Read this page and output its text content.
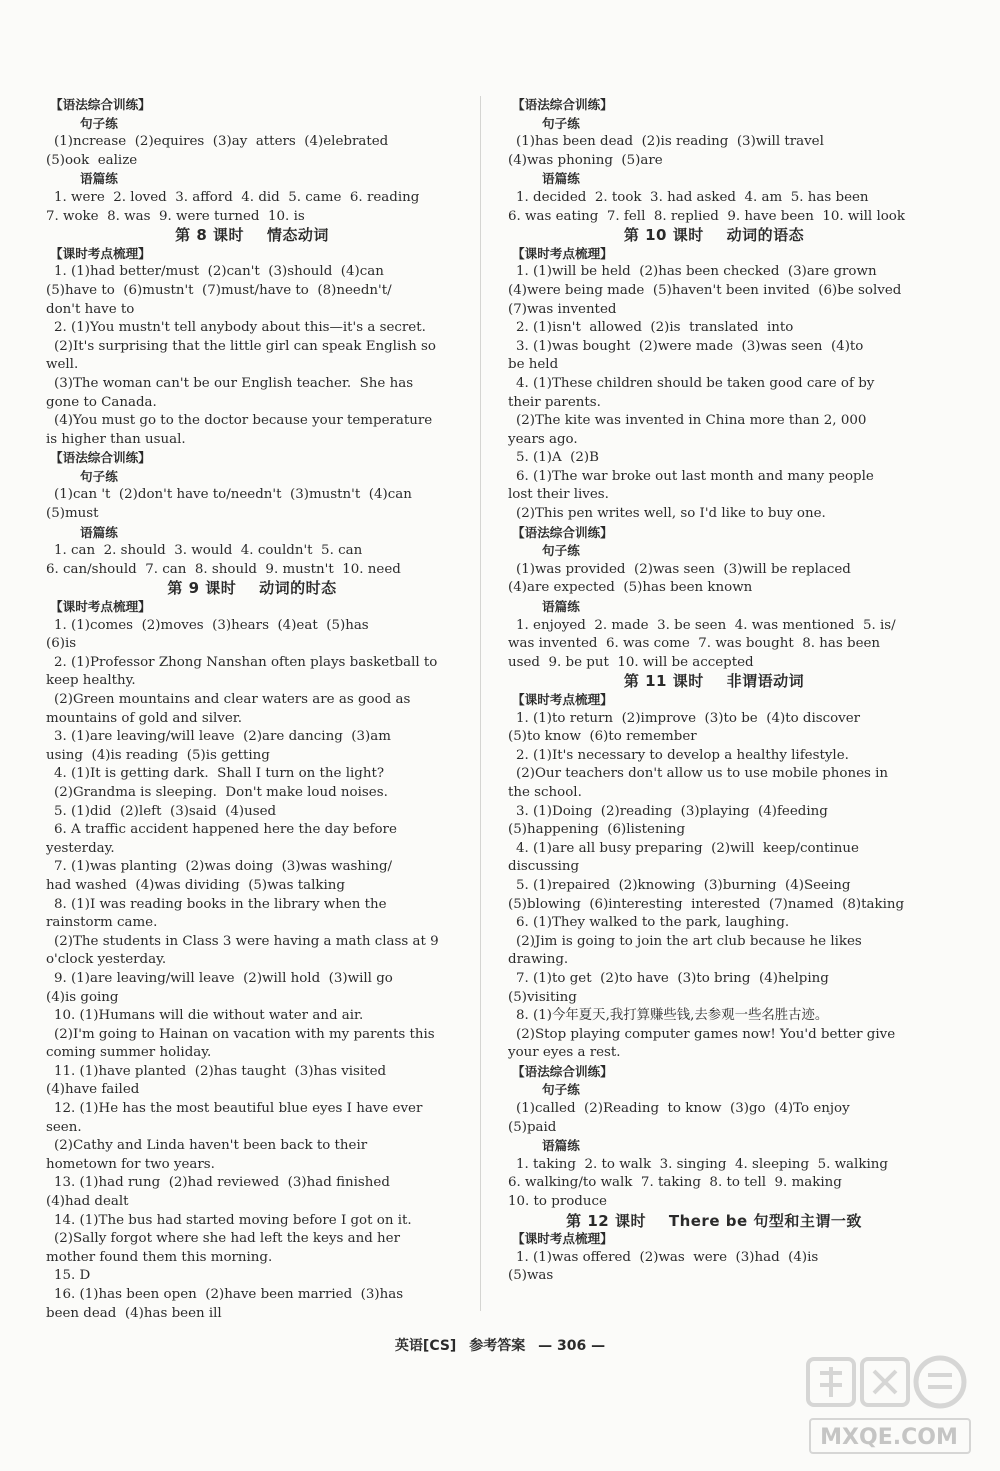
【语法综合训练】
句子练
(1)ncrease  (2)equires  (3)ay  atters  (4)elebrated
(5)ook  ealize
语篇练
1. were  2. loved  3. afford  4. did  5. came  6. reading
7. woke  8. was  9. were turned  10. is
第 8 课时    情态动词
【课时考点梳理】
1. (1)had better/must  (2)can't  (3)should  (4)can
(5)have to  (6)mustn't  (7)must/have to  (8)needn't/
don't have to
2. (1)You mustn't tell anybody about this—it's a secret.
(2)It's surprising that the little girl can speak English so
well.
(3)The woman can't be our English teacher.  She has
gone to Canada.
(4)You must go to the doctor because your temperature
is higher than usual.
【语法综合训练】
句子练
(1)can 't  (2)don't have to/needn't  (3)mustn't  (4)can
(5)must
语篇练
1. can  2. should  3. would  4. couldn't  5. can
6. can/should  7. can  8. should  9. mustn't  10. need
第 9 课时    动词的时态
【课时考点梳理】
1. (1)comes  (2)moves  (3)hears  (4)eat  (5)has
(6)is
2. (1)Professor Zhong Nanshan often plays basketball to
keep healthy.
(2)Green mountains and clear waters are as good as
mountains of gold and silver.
3. (1)are leaving/will leave  (2)are dancing  (3)am
using  (4)is reading  (5)is getting
4. (1)It is getting dark.  Shall I turn on the light?
(2)Grandma is sleeping.  Don't make loud noises.
5. (1)did  (2)left  (3)said  (4)used
6. A traffic accident happened here the day before
yesterday.
7. (1)was planting  (2)was doing  (3)was washing/
had washed  (4)was dividing  (5)was talking
8. (1)I was reading books in the library when the
rainstorm came.
(2)The students in Class 3 were having a math class at 9
o'clock yesterday.
9. (1)are leaving/will leave  (2)will hold  (3)will go
(4)is going
10. (1)Humans will die without water and air.
(2)I'm going to Hainan on vacation with my parents this
coming summer holiday.
11. (1)have planted  (2)has taught  (3)has visited
(4)have failed
12. (1)He has the most beautiful blue eyes I have ever
seen.
(2)Cathy and Linda haven't been back to their
hometown for two years.
13. (1)had rung  (2)had reviewed  (3)had finished
(4)had dealt
14. (1)The bus had started moving before I got on it.
(2)Sally forgot where she had left the keys and her
mother found them this morning.
15. D
16. (1)has been open  (2)have been married  (3)has
been dead  (4)has been ill
【语法综合训练】
句子练
(1)has been dead  (2)is reading  (3)will travel
(4)was phoning  (5)are
语篇练
1. decided  2. took  3. had asked  4. am  5. has been
6. was eating  7. fell  8. replied  9. have been  10. will look
第 10 课时    动词的语态
【课时考点梳理】
1. (1)will be held  (2)has been checked  (3)are grown
(4)were being made  (5)haven't been invited  (6)be solved
(7)was invented
2. (1)isn't  allowed  (2)is  translated  into
3. (1)was bought  (2)were made  (3)was seen  (4)to
be held
4. (1)These children should be taken good care of by
their parents.
(2)The kite was invented in China more than 2, 000
years ago.
5. (1)A  (2)B
6. (1)The war broke out last month and many people
lost their lives.
(2)This pen writes well, so I'd like to buy one.
【语法综合训练】
句子练
(1)was provided  (2)was seen  (3)will be replaced
(4)are expected  (5)has been known
语篇练
1. enjoyed  2. made  3. be seen  4. was mentioned  5. is/
was invented  6. was come  7. was bought  8. has been
used  9. be put  10. will be accepted
第 11 课时    非谓语动词
【课时考点梳理】
1. (1)to return  (2)improve  (3)to be  (4)to discover
(5)to know  (6)to remember
2. (1)It's necessary to develop a healthy lifestyle.
(2)Our teachers don't allow us to use mobile phones in
the school.
3. (1)Doing  (2)reading  (3)playing  (4)feeding
(5)happening  (6)listening
4. (1)are all busy preparing  (2)will  keep/continue
discussing
5. (1)repaired  (2)knowing  (3)burning  (4)Seeing
(5)blowing  (6)interesting  interested  (7)named  (8)taking
6. (1)They walked to the park, laughing.
(2)Jim is going to join the art club because he likes
drawing.
7. (1)to get  (2)to have  (3)to bring  (4)helping
(5)visiting
8. (1)今年夏天,我打算赚些钱,去参观一些名胜古迹。
(2)Stop playing computer games now! You'd better give
your eyes a rest.
【语法综合训练】
句子练
(1)called  (2)Reading  to know  (3)go  (4)To enjoy
(5)paid
语篇练
1. taking  2. to walk  3. singing  4. sleeping  5. walking
6. walking/to walk  7. taking  8. to tell  9. making
10. to produce
第 12 课时    There be 句型和主谓一致
【课时考点梳理】
1. (1)was offered  (2)was  were  (3)had  (4)is
(5)was
英语[CS] 参考答案 — 306 —
MXQE.COM
